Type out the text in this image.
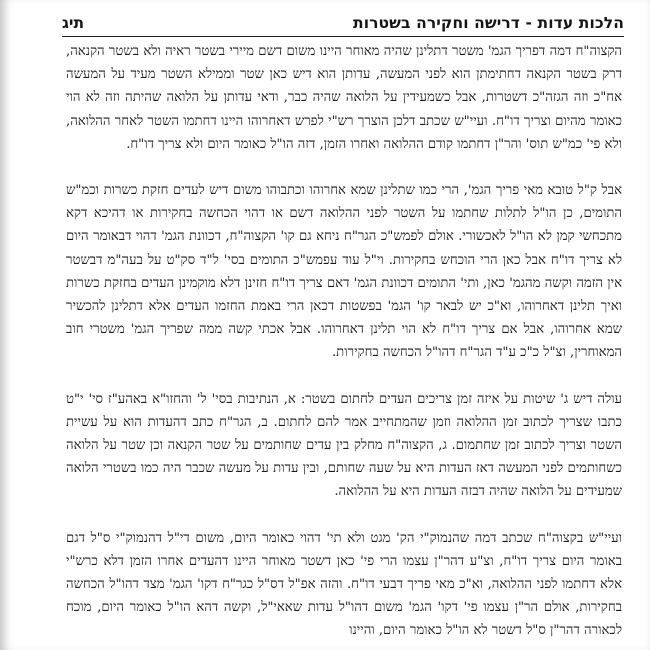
הלכות עדות - דרישה וחקירה בשטרות
תיג

הקצוה"ח דמה דפריך הגמ' משטר דתלינן שהיה מאוחר היינו משום דשם מיירי בשטר ראיה ולא בשטר הקנאה, דרק בשטר הקנאה דחתימתן הוא לפני המעשה, עדותן הוא דיש כאן שטר וממילא השטר מעיד על המעשה אח"כ וזה הגזה"כ דשטרות, אבל כשמעידין על הלואה שהיה כבר, ודאי עדותן על הלואה שהיתה וזה לא הוי כאומר מהיום וצריך דו"ח. ועיי"ש שכתב דלכן הוצרך רש"י לפרש דאחרוהו היינו דחתמו השטר לאחר ההלואה, ולא פי' כמ"ש תוס' והר"ן דחתמו קודם ההלואה ואחרו הזמן, דזה הו"ל כאומר היום ולא צריך דו"ח.

אבל ק"ל טובא מאי פריך הגמ', הרי כמו שתלינן שמא אחרוהו וכתבוהו משום דיש לעדים חזקת כשרות וכמ"ש התומים, כן הו"ל לתלות שחתמו על השטר לפני ההלואה דשם או דהוי הכחשה בחקירות או דהיכא דקא מתכחשי קמן לא הו"ל לאכשורי. אולם לפמש"כ הגר"ח ניחא גם קו' הקצוה"ח, דכוונת הגמ' דהוי דבאומר היום לא צריך דו"ח אבל כאן הרי הוכחש בחקירות. וי"ל עוד עפמש"כ התומים בסי' ל"ד סק"ט על בעה"מ דבשטר אין הזמה וקשה מהגמ' כאן, ותי' התומים דכוונת הגמ' דאם צריך דו"ח חזינן דלא מוקמינן העדים בחזקת כשרות ואיך תלינן דאחרוהו, וא"כ יש לבאר קו' הגמ' בפשטות דכאן הרי באמת החזמו העדים אלא דתלינן להכשיר שמא אחרוהו, אבל אם צריך דו"ח לא הוי תלינן דאחרוהו. אבל אכתי קשה ממה שפריך הגמ' משטרי חוב המאוחרין, וצ"ל כ"כ ע"ד הגר"ח דהו"ל הכחשה בחקירות.

עולה דיש ג' שיטות על איזה זמן צריכים העדים לחתום בשטר: א, הנתיבות בסי' ל' והחזו"א באהע"ז סי' י"ט כתבו שצריך לכתוב זמן ההלואה וזמן שהמתחייב אמר להם לחתום. ב, הגר"ח כתב דהעדות הוא על עשיית השטר וצריך לכתוב זמן שחתמום. ג, הקצוה"ח מחלק בין עדים שחותמים על שטר הקנאה וכן שטר על הלואה כשחותמים לפני המעשה דאז העדות היא על שעה שחותם, ובין עדות על מעשה שכבר היה כמו בשטרי הלואה שמעידים על הלואה שהיה דבזה העדות היא על ההלואה.

ועיי"ש בקצוה"ח שכתב דמה שהנמוק"י הק' מגט ולא תי' דהוי כאומר היום, משום די"ל דהנמוק"י ס"ל דגם באומר היום צריך דו"ח, וצ"ע דהר"ן עצמו הרי פי' כאן דשטר מאוחר היינו דהעדים אחרו הזמן דלא כרש"י אלא דחתמו לפני ההלואה, וא"כ מאי פריך דבעי דו"ח. והזה אפ"ל דס"ל כגר"ח דקו' הגמ' מצד דהו"ל הכחשה בחקירות, אולם הר"ן עצמו פי' דקו' הגמ' משום דהו"ל עדות שאאי"ל, וקשה דהא הו"ל כאומר היום, מוכח לכאורה דהר"ן ס"ל דשטר לא הו"ל כאומר היום, והיינו
